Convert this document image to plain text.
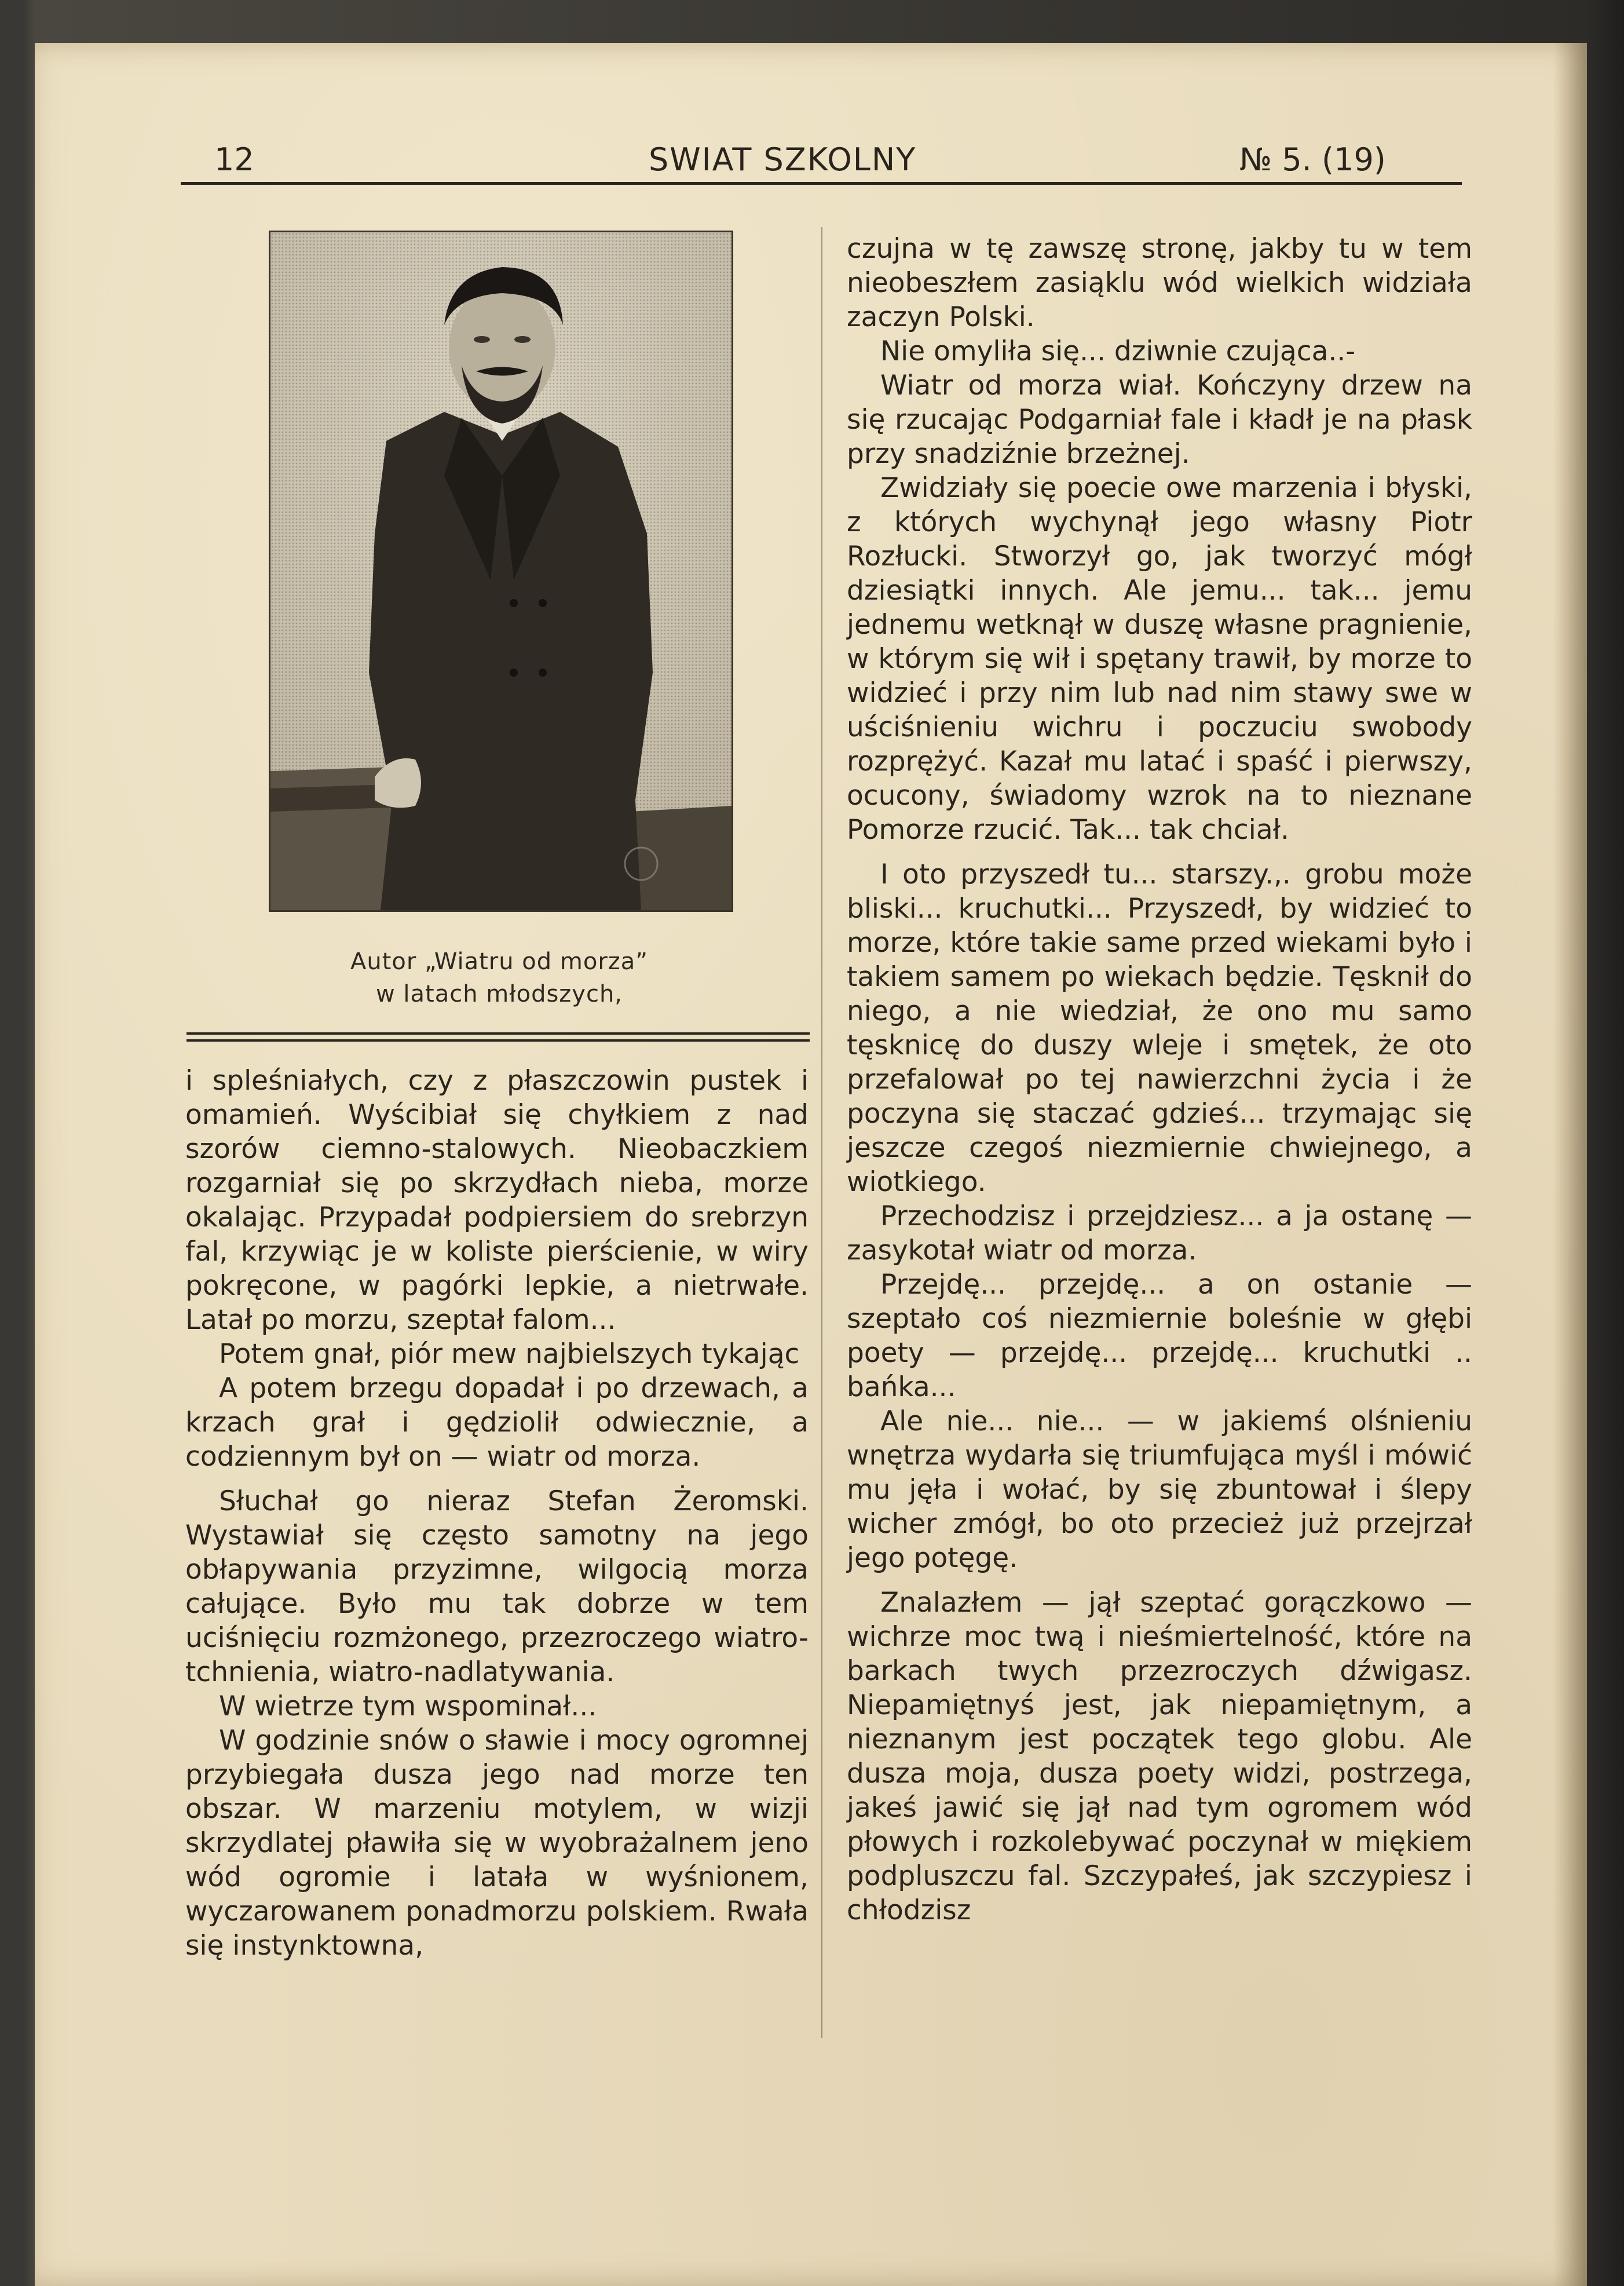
12	SWIAT SZKOLNY	№ 5. (19)
Autor „Wiatru od morza”
w latach młodszych,

i spleśniałych, czy z płaszczowin pustek i omamień. Wyścibiał się chyłkiem z nad szorów ciemno-stalowych. Nieobaczkiem rozgarniał się po skrzydłach nieba, morze okalając. Przypadał podpiersiem do srebrzyn fal, krzywiąc je w koliste pierścienie, w wiry pokręcone, w pagórki lepkie, a nietrwałe. Latał po morzu, szeptał falom...

Potem gnał, piór mew najbielszych tykając

A potem brzegu dopadał i po drzewach, a krzach grał i gędziolił odwiecznie, a codziennym był on — wiatr od morza.

Słuchał go nieraz Stefan Żeromski. Wystawiał się często samotny na jego obłapywania przyzimne, wilgocią morza całujące. Było mu tak dobrze w tem uciśnięciu rozmżonego, przezroczego wiatro-tchnienia, wiatro-nadlatywania.

W wietrze tym wspominał...

W godzinie snów o sławie i mocy ogromnej przybiegała dusza jego nad morze ten obszar. W marzeniu motylem, w wizji skrzydlatej pławiła się w wyobrażalnem jeno wód ogromie i latała w wyśnionem, wyczarowanem ponadmorzu polskiem. Rwała się instynktowna,

czujna w tę zawszę stronę, jakby tu w tem nieobeszłem zasiąklu wód wielkich widziała zaczyn Polski.

Nie omyliła się... dziwnie czująca..-

Wiatr od morza wiał. Kończyny drzew na się rzucając Podgarniał fale i kładł je na płask przy snadziźnie brzeżnej.

Zwidziały się poecie owe marzenia i błyski, z których wychynął jego własny Piotr Rozłucki. Stworzył go, jak tworzyć mógł dziesiątki innych. Ale jemu... tak... jemu jednemu wetknął w duszę własne pragnienie, w którym się wił i spętany trawił, by morze to widzieć i przy nim lub nad nim stawy swe w uściśnieniu wichru i poczuciu swobody rozprężyć. Kazał mu latać i spaść i pierwszy, ocucony, świadomy wzrok na to nieznane Pomorze rzucić. Tak... tak chciał.

I oto przyszedł tu... starszy.,. grobu może bliski... kruchutki... Przyszedł, by widzieć to morze, które takie same przed wiekami było i takiem samem po wiekach będzie. Tęsknił do niego, a nie wiedział, że ono mu samo tęsknicę do duszy wleje i smętek, że oto przefalował po tej nawierzchni życia i że poczyna się staczać gdzieś... trzymając się jeszcze czegoś niezmiernie chwiejnego, a wiotkiego.

Przechodzisz i przejdziesz... a ja ostanę — zasykotał wiatr od morza.

Przejdę... przejdę... a on ostanie — szeptało coś niezmiernie boleśnie w głębi poety — przejdę... przejdę... kruchutki .. bańka...

Ale nie... nie... — w jakiemś olśnieniu wnętrza wydarła się triumfująca myśl i mówić mu jęła i wołać, by się zbuntował i ślepy wicher zmógł, bo oto przecież już przejrzał jego potęgę.

Znalazłem — jął szeptać gorączkowo — wichrze moc twą i nieśmiertelność, które na barkach twych przezroczych dźwigasz. Niepamiętnyś jest, jak niepamiętnym, a nieznanym jest początek tego globu. Ale dusza moja, dusza poety widzi, postrzega, jakeś jawić się jął nad tym ogromem wód płowych i rozkolebywać poczynał w miękiem podpluszczu fal. Szczypałeś, jak szczypiesz i chłodzisz
